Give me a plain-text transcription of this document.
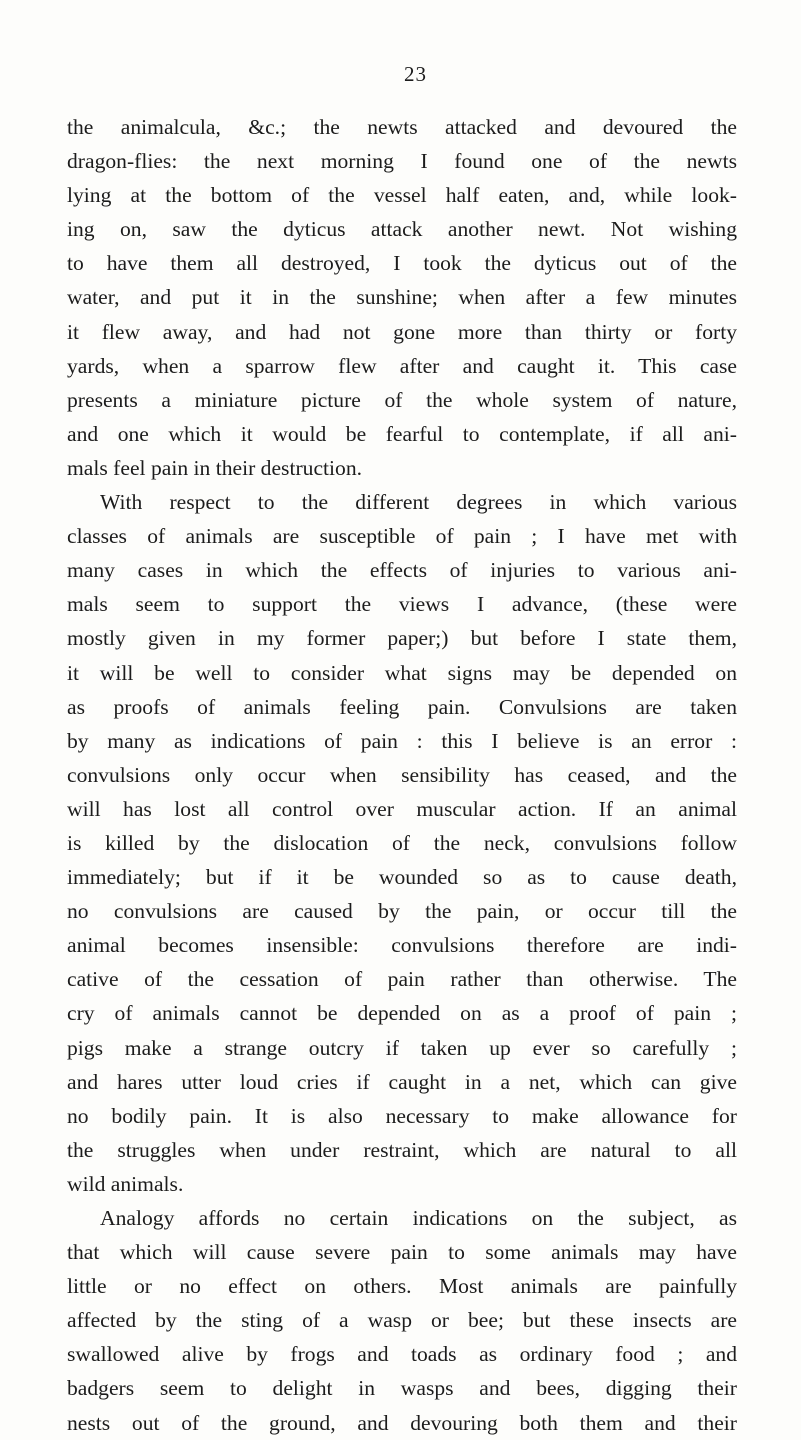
23
the animalcula, &c.; the newts attacked and devoured the
dragon-flies: the next morning I found one of the newts
lying at the bottom of the vessel half eaten, and, while look-
ing on, saw the dyticus attack another newt. Not wishing
to have them all destroyed, I took the dyticus out of the
water, and put it in the sunshine; when after a few minutes
it flew away, and had not gone more than thirty or forty
yards, when a sparrow flew after and caught it. This case
presents a miniature picture of the whole system of nature,
and one which it would be fearful to contemplate, if all ani-
mals feel pain in their destruction.
With respect to the different degrees in which various
classes of animals are susceptible of pain ; I have met with
many cases in which the effects of injuries to various ani-
mals seem to support the views I advance, (these were
mostly given in my former paper;) but before I state them,
it will be well to consider what signs may be depended on
as proofs of animals feeling pain. Convulsions are taken
by many as indications of pain : this I believe is an error :
convulsions only occur when sensibility has ceased, and the
will has lost all control over muscular action. If an animal
is killed by the dislocation of the neck, convulsions follow
immediately; but if it be wounded so as to cause death,
no convulsions are caused by the pain, or occur till the
animal becomes insensible: convulsions therefore are indi-
cative of the cessation of pain rather than otherwise. The
cry of animals cannot be depended on as a proof of pain ;
pigs make a strange outcry if taken up ever so carefully ;
and hares utter loud cries if caught in a net, which can give
no bodily pain. It is also necessary to make allowance for
the struggles when under restraint, which are natural to all
wild animals.
Analogy affords no certain indications on the subject, as
that which will cause severe pain to some animals may have
little or no effect on others. Most animals are painfully
affected by the sting of a wasp or bee; but these insects are
swallowed alive by frogs and toads as ordinary food ; and
badgers seem to delight in wasps and bees, digging their
nests out of the ground, and devouring both them and their
